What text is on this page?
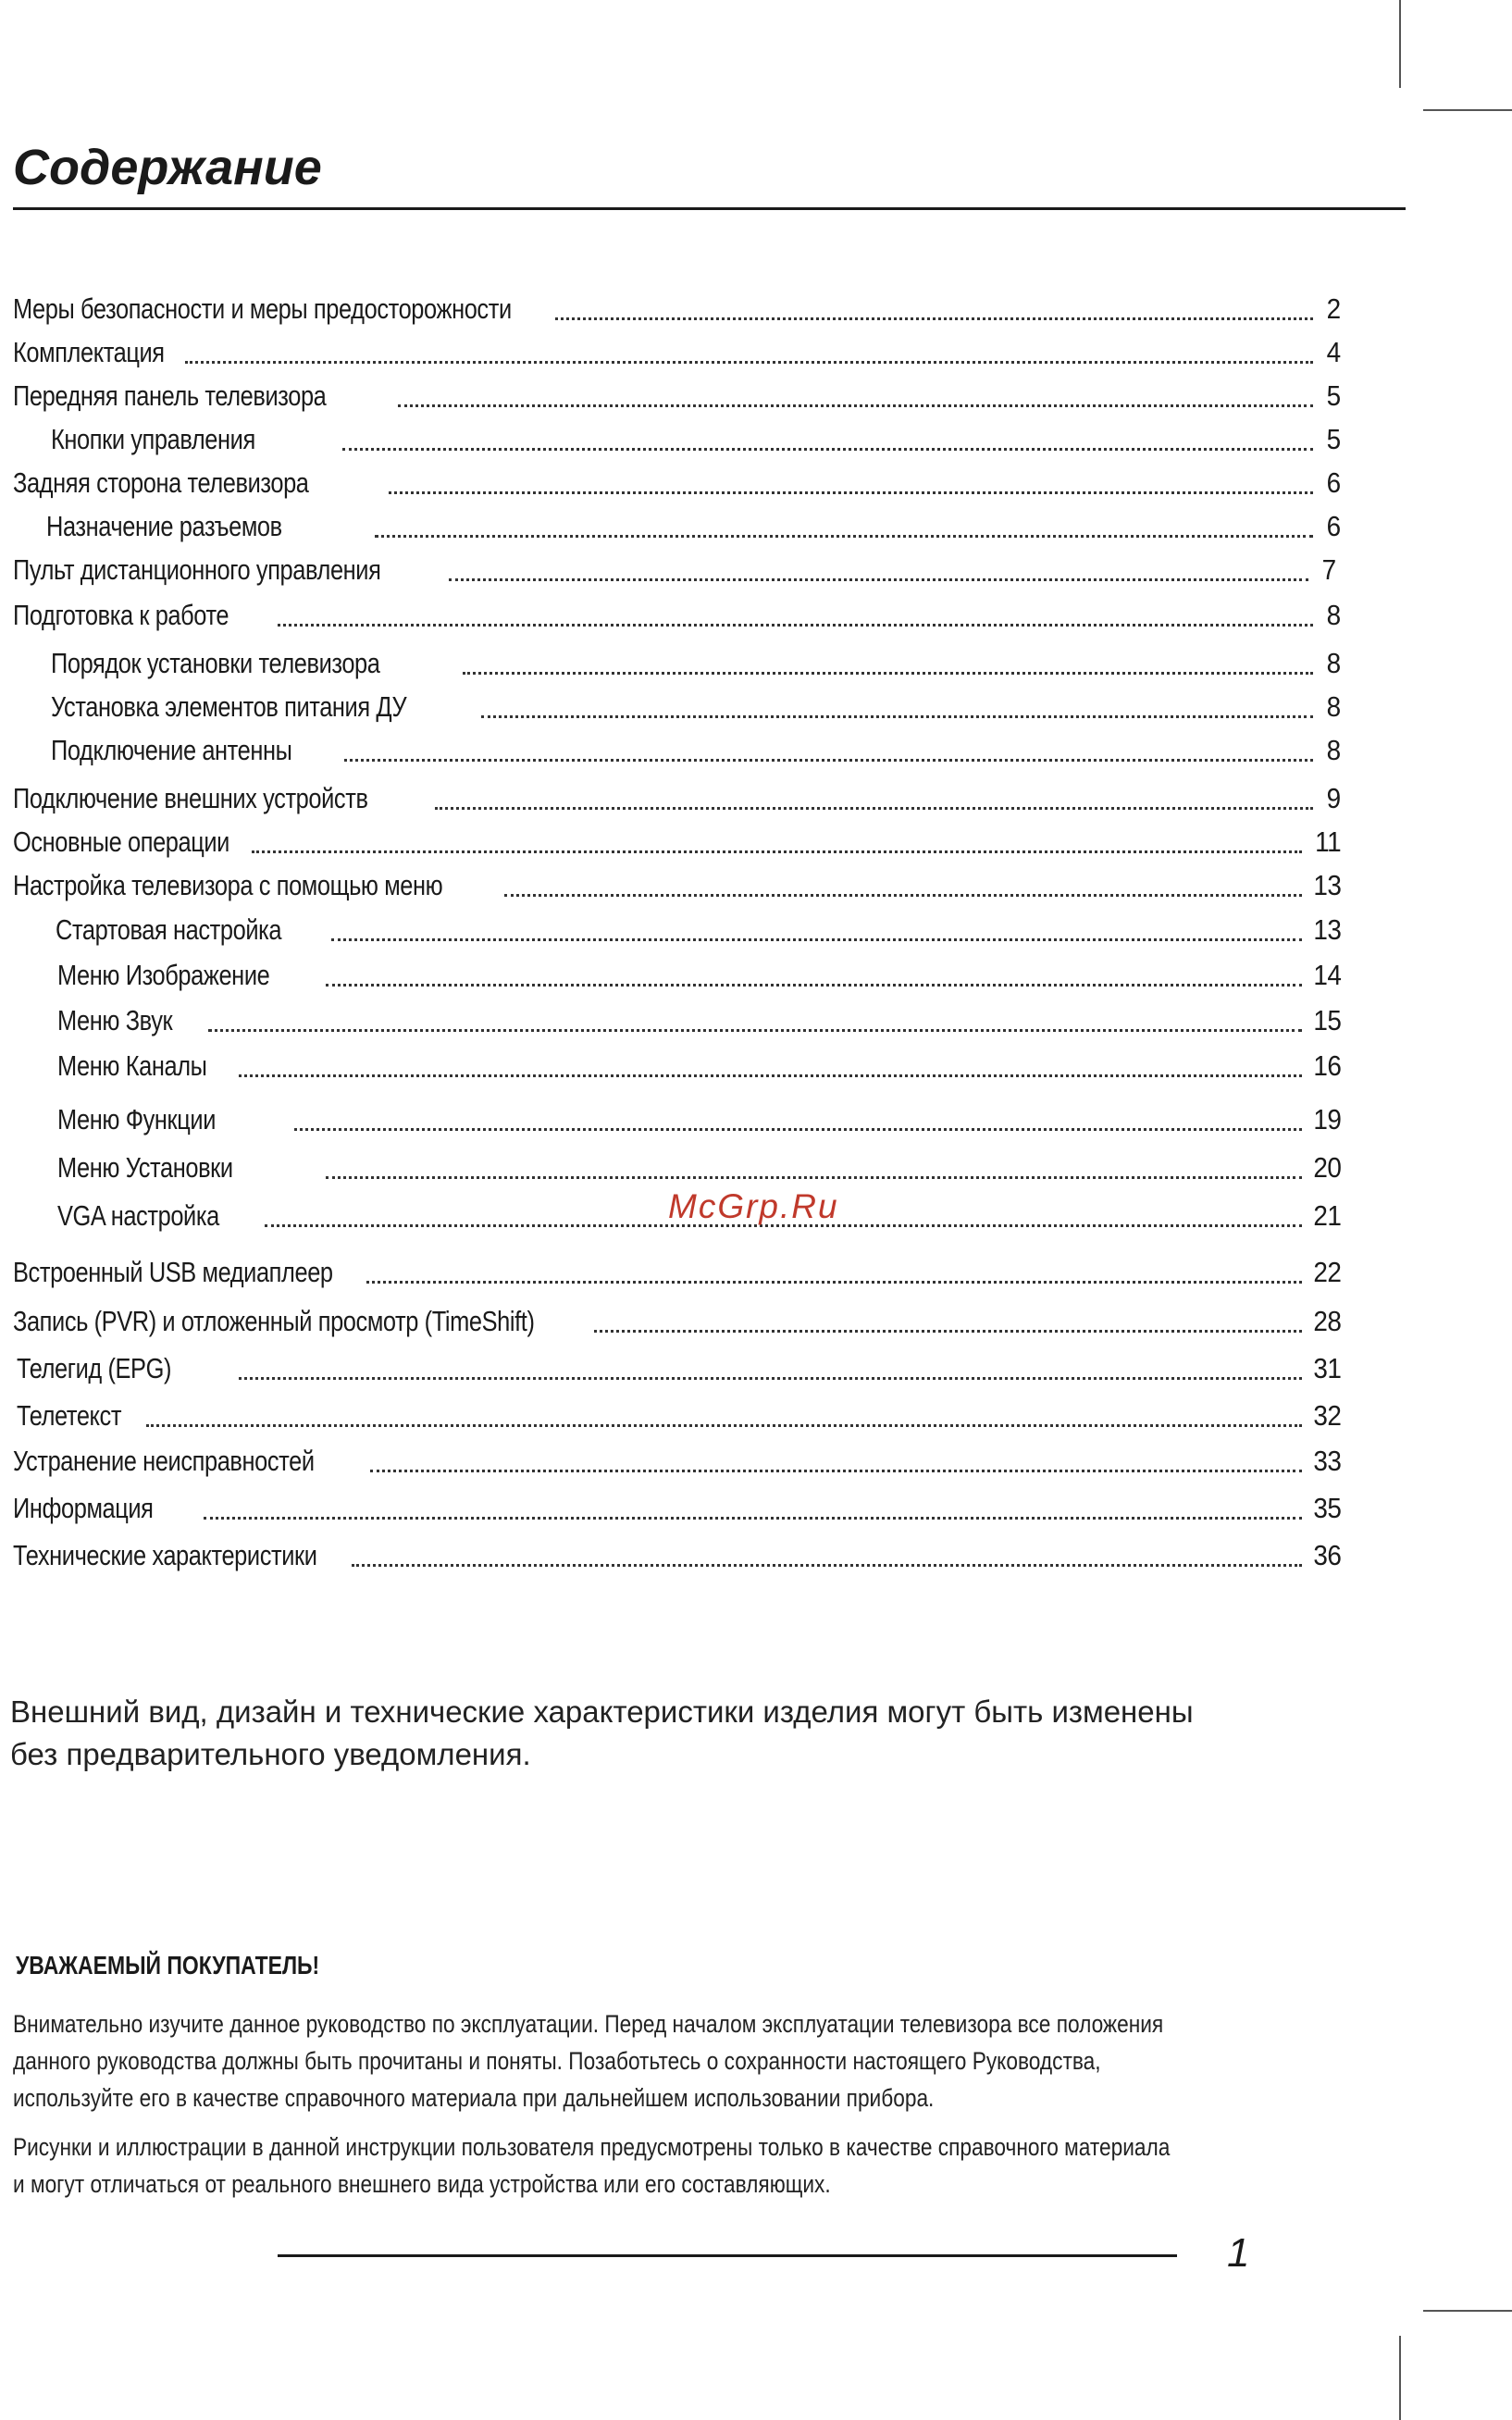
Содержание
Меры безопасности и меры предосторожности	2
Комплектация	4
Передняя панель телевизора	5
Кнопки управления	5
Задняя сторона телевизора	6
Назначение разъемов	6
Пульт дистанционного управления	7
Подготовка к работе	8
Порядок установки телевизора	8
Установка элементов питания ДУ	8
Подключение антенны	8
Подключение внешних устройств	9
Основные операции	11
Настройка телевизора с помощью меню	13
Стартовая настройка	13
Меню Изображение	14
Меню Звук	15
Меню Каналы	16
Меню Функции	19
Меню Установки	20
VGA настройка	21
Встроенный USB медиаплеер	22
Запись (PVR) и отложенный просмотр (TimeShift)	28
Телегид (EPG)	31
Телетекст	32
Устранение неисправностей	33
Информация	35
Технические характеристики	36
McGrp.Ru

Внешний вид, дизайн и технические характеристики изделия могут быть изменены

без предварительного уведомления.

УВАЖАЕМЫЙ ПОКУПАТЕЛЬ!

Внимательно изучите данное руководство по эксплуатации. Перед началом эксплуатации телевизора все положения

данного руководства должны быть прочитаны и поняты. Позаботьтесь о сохранности настоящего Руководства,

используйте его в качестве справочного материала при дальнейшем использовании прибора.

Рисунки и иллюстрации в данной инструкции пользователя предусмотрены только в качестве справочного материала

и могут отличаться от реального внешнего вида устройства или его составляющих.

1
